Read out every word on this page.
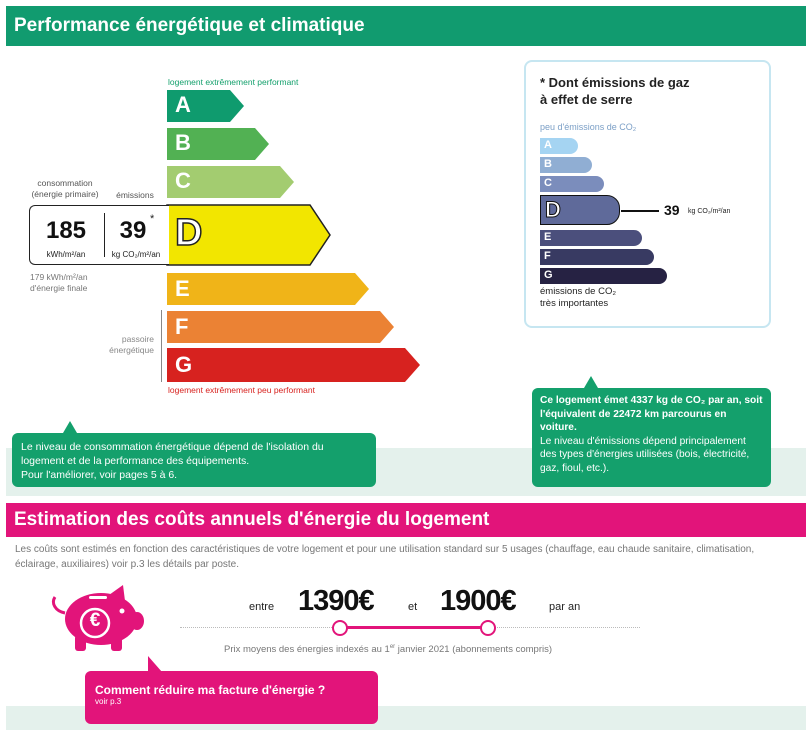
Performance énergétique et climatique
logement extrêmement performant
A
B
C
D
E
F
G
logement extrêmement peu performant
consommation
(énergie primaire)	émissions
185
kWh/m²/an
39 *
kg CO₂/m²/an
179 kWh/m²/an
d'énergie finale
passoire
énergétique
Le niveau de consommation énergétique dépend de l'isolation du logement et de la performance des équipements.
Pour l'améliorer, voir pages 5 à 6.
* Dont émissions de gaz
à effet de serre
peu d'émissions de CO₂
A
B
C
D
E
F
G
39 kg CO₂/m²/an
émissions de CO₂
très importantes
Ce logement émet 4337 kg de CO₂ par an, soit l'équivalent de 22472 km parcourus en voiture.
Le niveau d'émissions dépend principalement des types d'énergies utilisées (bois, électricité, gaz, fioul, etc.).
Estimation des coûts annuels d'énergie du logement
Les coûts sont estimés en fonction des caractéristiques de votre logement et pour une utilisation standard sur 5 usages (chauffage, eau chaude sanitaire, climatisation, éclairage, auxiliaires) voir p.3 les détails par poste.
€
entre 1390€	et 1900€	par an
Prix moyens des énergies indexés au 1er janvier 2021 (abonnements compris)
Comment réduire ma facture d'énergie ?
voir p.3
